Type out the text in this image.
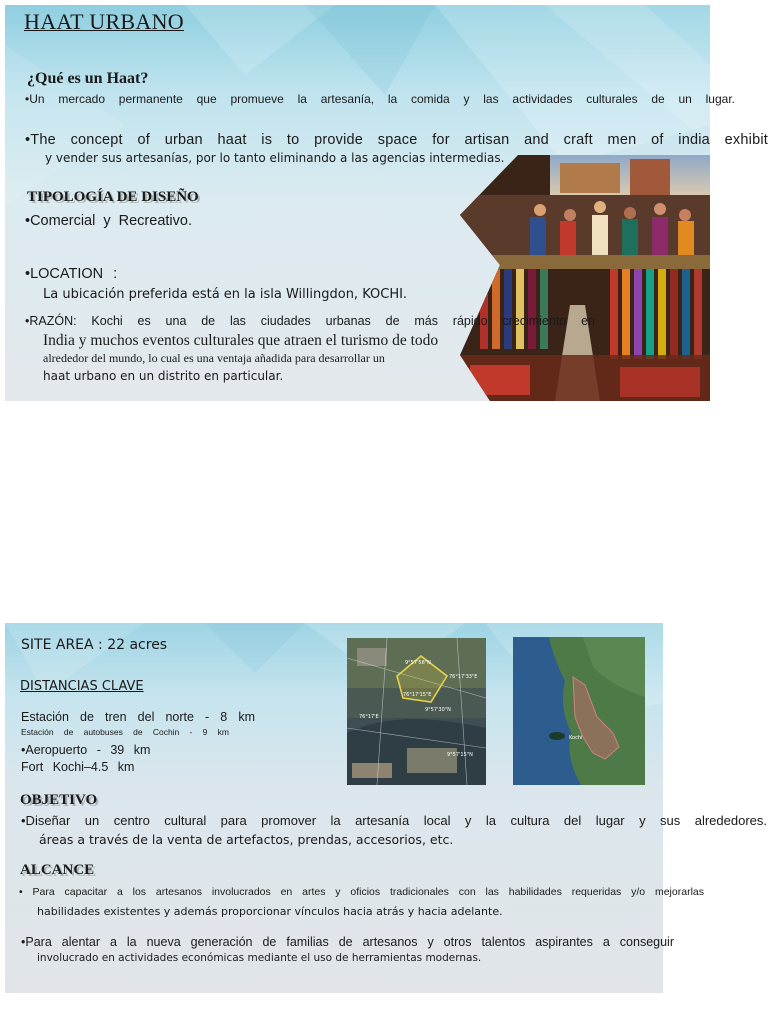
HAAT URBANO
¿Qué es un Haat?
•Un mercado permanente que promueve la artesanía, la comida y las actividades culturales de un lugar.
•The concept of urban haat is to provide space for artisan and craft men of india exhibit
y vender sus artesanías, por lo tanto eliminando a las agencias intermedias.
TIPOLOGÍA DE DISEÑO
•Comercial y Recreativo.
•LOCATION :
La ubicación preferida está en la isla Willingdon, KOCHI.
•RAZÓN: Kochi es una de las ciudades urbanas de más rápido crecimiento en
India y muchos eventos culturales que atraen el turismo de todo
alrededor del mundo, lo cual es una ventaja añadida para desarrollar un
haat urbano en un distrito en particular.
9°57'56"N
76°17'33"E
76°17'15"E
9°57'30"N
76°17'E
9°57'15"N
Kochi
SITE AREA : 22 acres
DISTANCIAS CLAVE
Estación de tren del norte - 8 km
Estación de autobuses de Cochin - 9 km
•Aeropuerto - 39 km
Fort Kochi–4.5 km
OBJETIVO
•Diseñar un centro cultural para promover la artesanía local y la cultura del lugar y sus alrededores.
áreas a través de la venta de artefactos, prendas, accesorios, etc.
ALCANCE
• Para capacitar a los artesanos involucrados en artes y oficios tradicionales con las habilidades requeridas y/o mejorarlas
habilidades existentes y además proporcionar vínculos hacia atrás y hacia adelante.
•Para alentar a la nueva generación de familias de artesanos y otros talentos aspirantes a conseguir
involucrado en actividades económicas mediante el uso de herramientas modernas.
